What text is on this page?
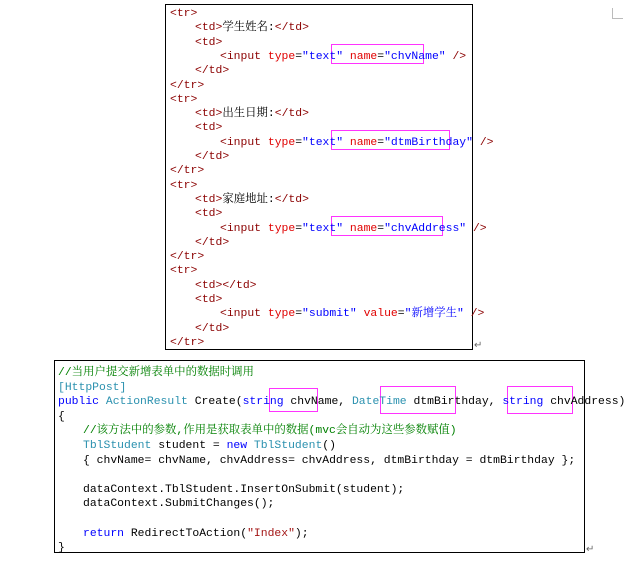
↵
↵
<tr>
<td>学生姓名:</td>
<td>
<input type="text" name="chvName" />
</td>
</tr>
<tr>
<td>出生日期:</td>
<td>
<input type="text" name="dtmBirthday" />
</td>
</tr>
<tr>
<td>家庭地址:</td>
<td>
<input type="text" name="chvAddress" />
</td>
</tr>
<tr>
<td></td>
<td>
<input type="submit" value="新增学生" />
</td>
</tr>
//当用户提交新增表单中的数据时调用
[HttpPost]
public ActionResult Create(string chvName, DateTime dtmBirthday, string chvAddress)
{
//该方法中的参数,作用是获取表单中的数据(mvc会自动为这些参数赋值)
TblStudent student = new TblStudent()
{ chvName= chvName, chvAddress= chvAddress, dtmBirthday = dtmBirthday };
dataContext.TblStudent.InsertOnSubmit(student);
dataContext.SubmitChanges();
return RedirectToAction("Index");
}
